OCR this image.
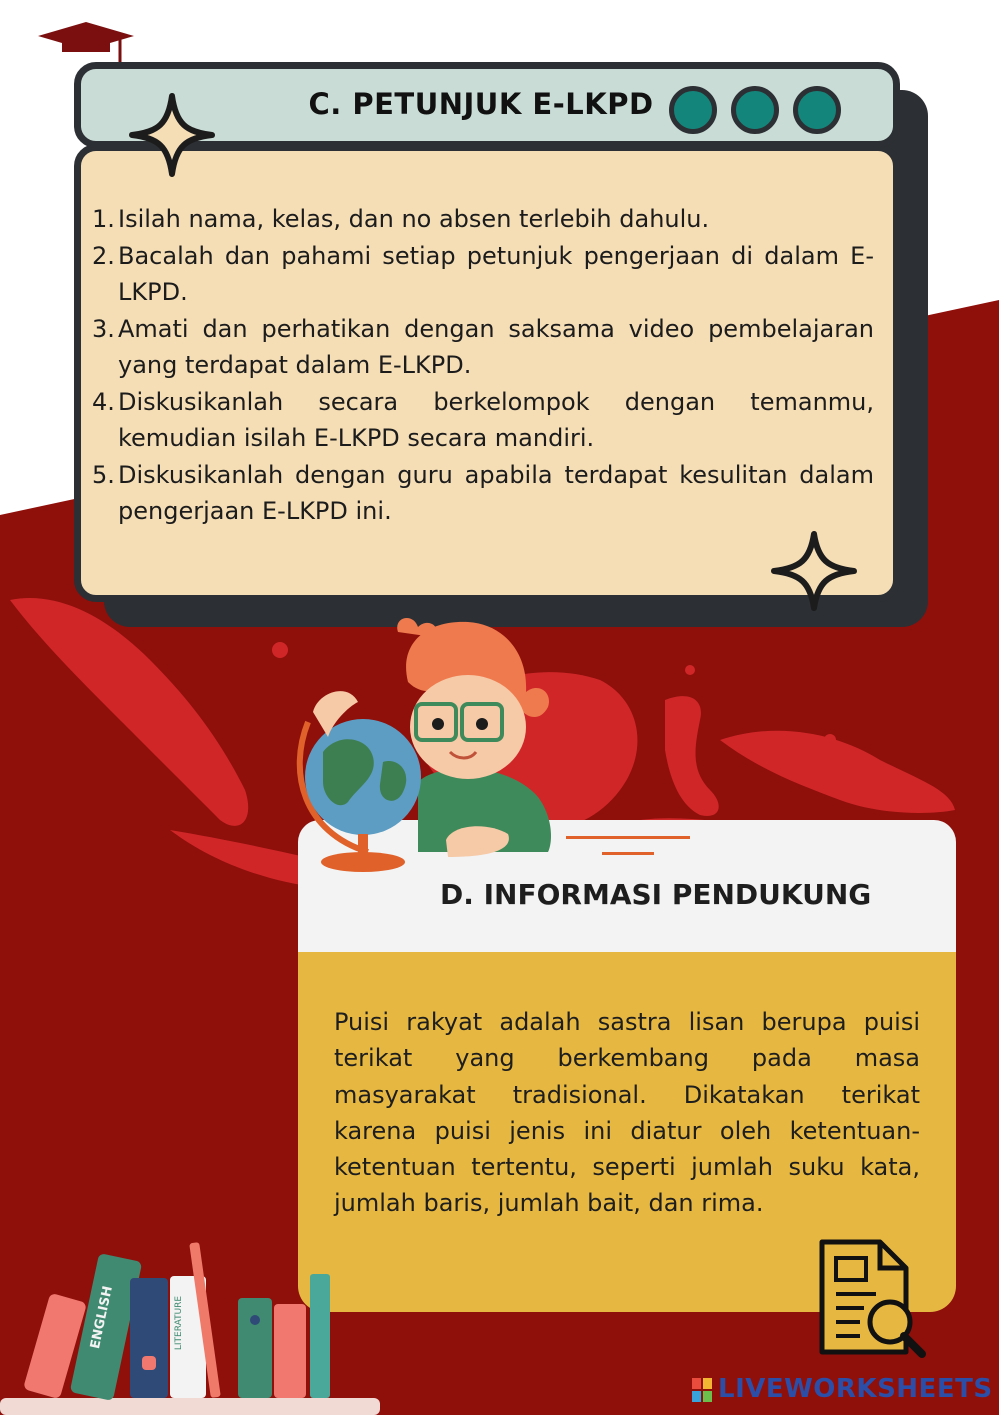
C. PETUNJUK E-LKPD
1. Isilah nama, kelas, dan no absen terlebih dahulu.
2. Bacalah dan pahami setiap petunjuk pengerjaan di dalam E-LKPD.
3. Amati dan perhatikan dengan saksama video pembelajaran yang terdapat dalam E-LKPD.
4. Diskusikanlah secara berkelompok dengan temanmu, kemudian isilah E-LKPD secara mandiri.
5. Diskusikanlah dengan guru apabila terdapat kesulitan dalam pengerjaan E-LKPD ini.
D. INFORMASI PENDUKUNG
Puisi rakyat adalah sastra lisan berupa puisi terikat yang berkembang pada masa masyarakat tradisional. Dikatakan terikat karena puisi jenis ini diatur oleh ketentuan-ketentuan tertentu, seperti jumlah suku kata, jumlah baris, jumlah bait, dan rima.
ENGLISH	LITERATURE
LIVEWORKSHEETS
